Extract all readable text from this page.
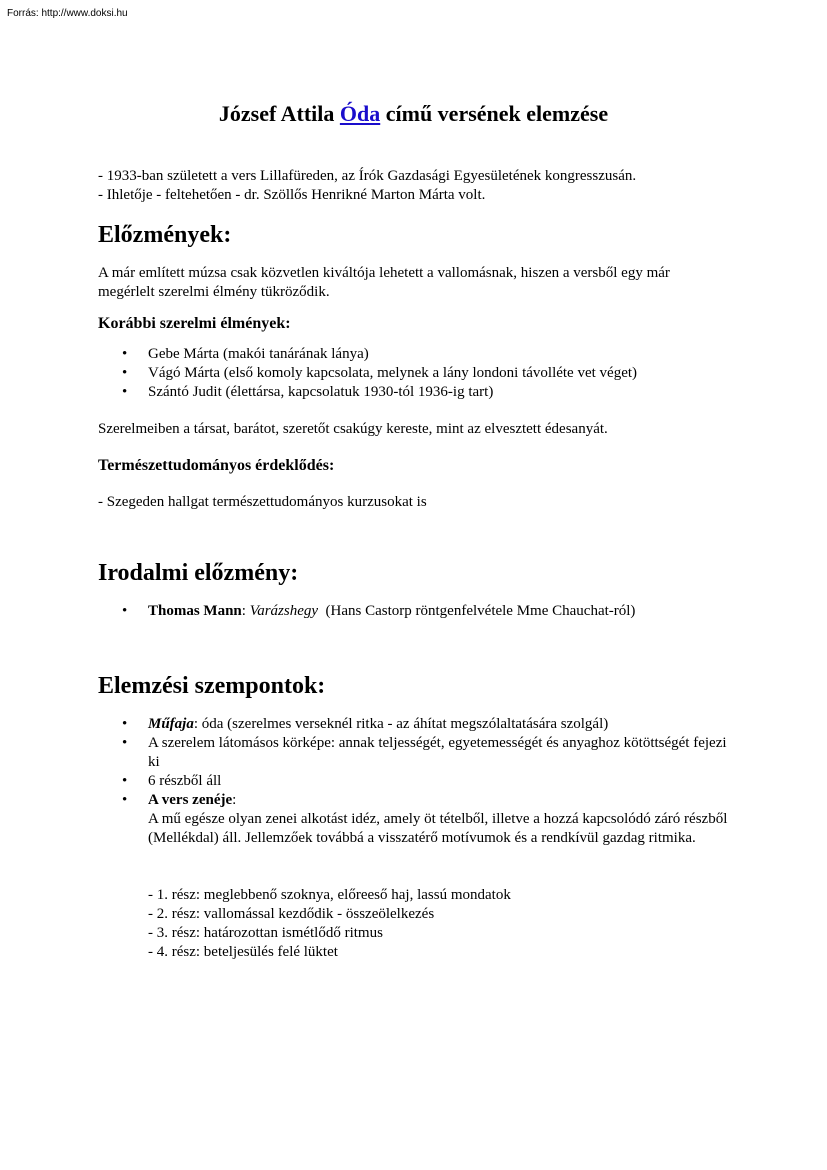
Forrás: http://www.doksi.hu
József Attila Óda című versének elemzése

- 1933-ban született a vers Lillafüreden, az Írók Gazdasági Egyesületének kongresszusán.

- Ihletője - feltehetően - dr. Szöllős Henrikné Marton Márta volt.

Előzmények:

A már említett múzsa csak közvetlen kiváltója lehetett a vallomásnak, hiszen a versből egy már megérlelt szerelmi élmény tükröződik.

Korábbi szerelmi élmények:
• Gebe Márta (makói tanárának lánya)
• Vágó Márta (első komoly kapcsolata, melynek a lány londoni távolléte vet véget)
• Szántó Judit (élettársa, kapcsolatuk 1930-tól 1936-ig tart)

Szerelmeiben a társat, barátot, szeretőt csakúgy kereste, mint az elvesztett édesanyát.

Természettudományos érdeklődés:

- Szegeden hallgat természettudományos kurzusokat is

Irodalmi előzmény:
• Thomas Mann: Varázshegy  (Hans Castorp röntgenfelvétele Mme Chauchat-ról)
Elemzési szempontok:
• Műfaja: óda (szerelmes verseknél ritka - az áhítat megszólaltatására szolgál)
• A szerelem látomásos körképe: annak teljességét, egyetemességét és anyaghoz kötöttségét fejezi ki
• 6 részből áll
• A vers zenéje:
A mű egésze olyan zenei alkotást idéz, amely öt tételből, illetve a hozzá kapcsolódó záró részből (Mellékdal) áll. Jellemzőek továbbá a visszatérő motívumok és a rendkívül gazdag ritmika.

- 1. rész: meglebbenő szoknya, előreeső haj, lassú mondatok

- 2. rész: vallomással kezdődik - összeölelkezés

- 3. rész: határozottan ismétlődő ritmus

- 4. rész: beteljesülés felé lüktet
